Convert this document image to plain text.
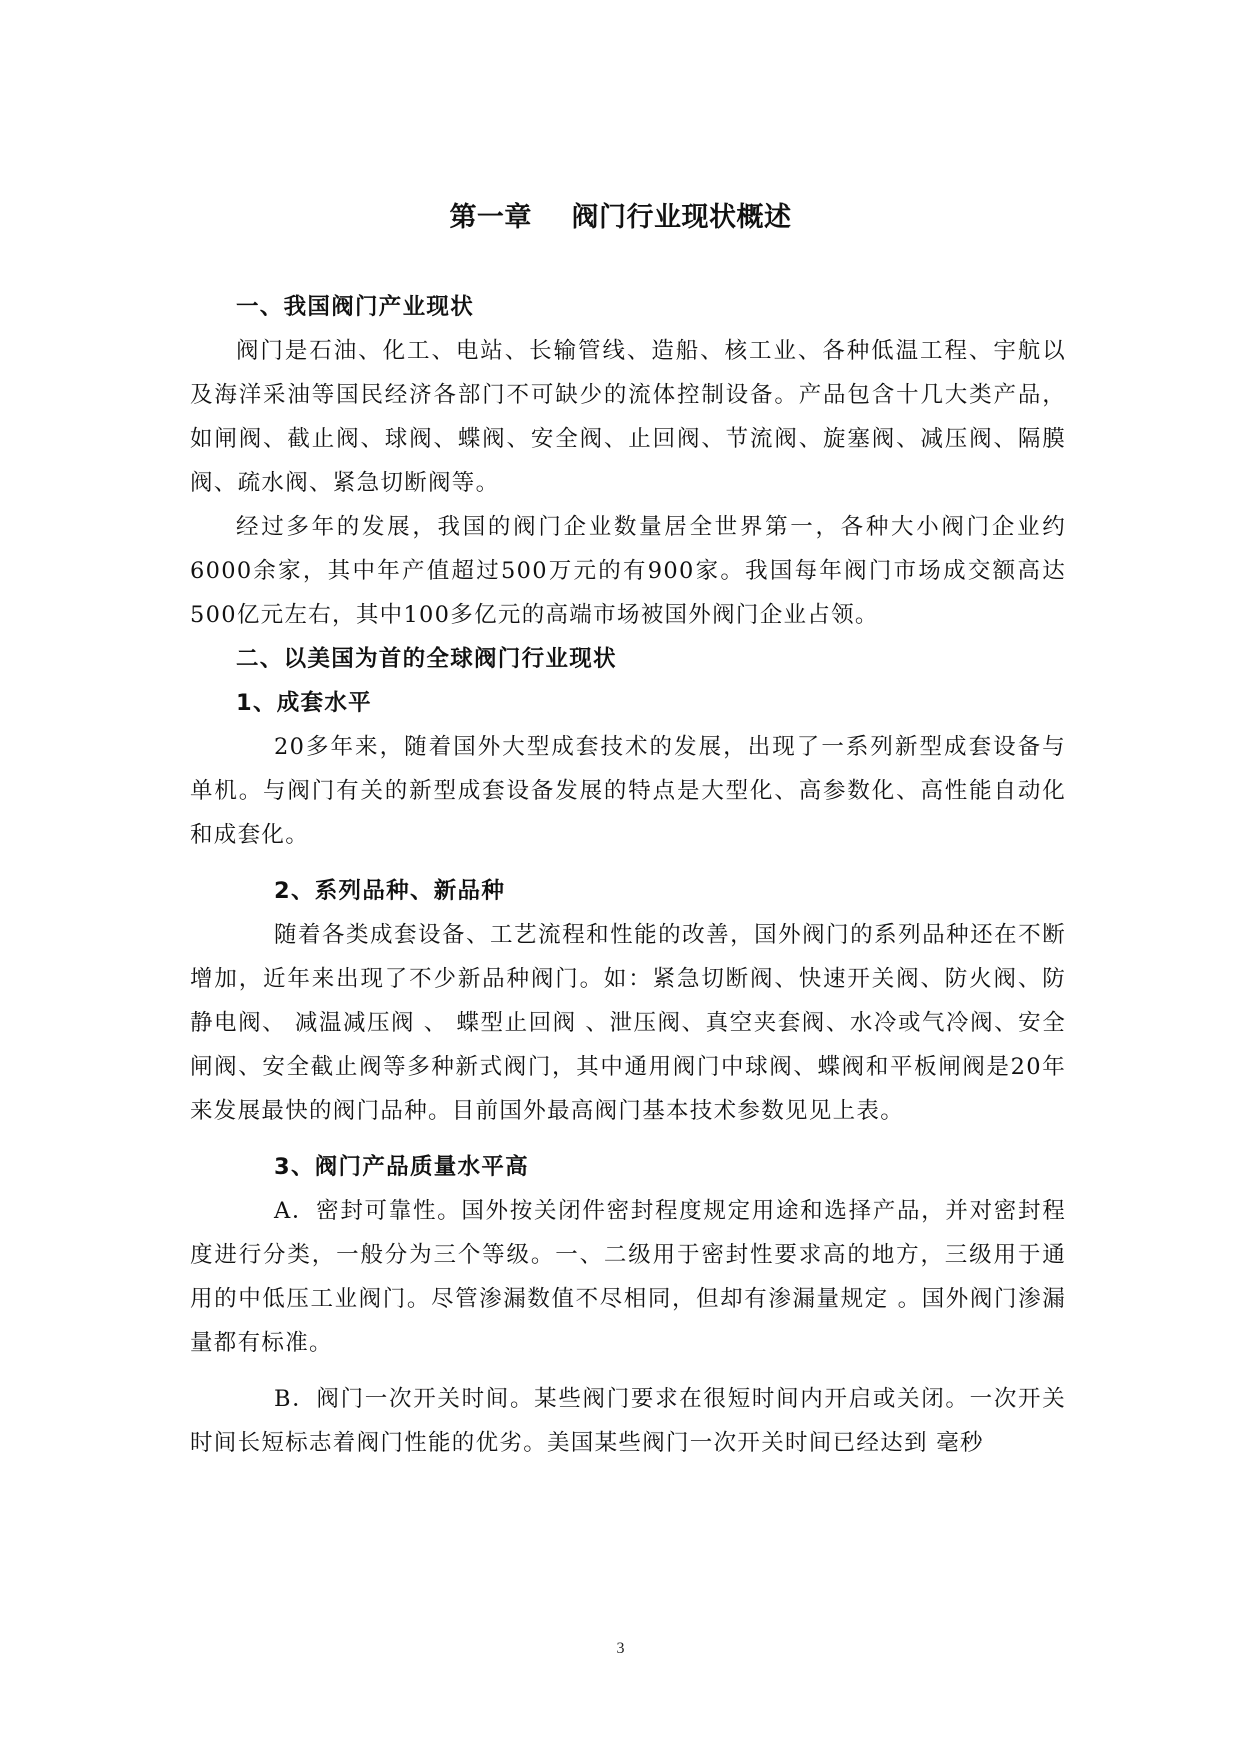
第一章    阀门行业现状概述

一、我国阀门产业现状

阀门是石油、化工、电站、长输管线、造船、核工业、各种低温工程、宇航以及海洋采油等国民经济各部门不可缺少的流体控制设备。产品包含十几大类产品，如闸阀、截止阀、球阀、蝶阀、安全阀、止回阀、节流阀、旋塞阀、减压阀、隔膜阀、疏水阀、紧急切断阀等。

经过多年的发展，我国的阀门企业数量居全世界第一，各种大小阀门企业约6000余家，其中年产值超过500万元的有900家。我国每年阀门市场成交额高达500亿元左右，其中100多亿元的高端市场被国外阀门企业占领。

二、以美国为首的全球阀门行业现状

1、成套水平

20多年来，随着国外大型成套技术的发展，出现了一系列新型成套设备与单机。与阀门有关的新型成套设备发展的特点是大型化、高参数化、高性能自动化和成套化。

2、系列品种、新品种

随着各类成套设备、工艺流程和性能的改善，国外阀门的系列品种还在不断增加，近年来出现了不少新品种阀门。如：紧急切断阀、快速开关阀、防火阀、防静电阀、 减温减压阀 、 蝶型止回阀 、泄压阀、真空夹套阀、水冷或气冷阀、安全闸阀、安全截止阀等多种新式阀门，其中通用阀门中球阀、蝶阀和平板闸阀是20年来发展最快的阀门品种。目前国外最高阀门基本技术参数见见上表。

3、阀门产品质量水平高

A．密封可靠性。国外按关闭件密封程度规定用途和选择产品，并对密封程度进行分类，一般分为三个等级。一、二级用于密封性要求高的地方，三级用于通用的中低压工业阀门。尽管渗漏数值不尽相同，但却有渗漏量规定 。国外阀门渗漏量都有标准。

B．阀门一次开关时间。某些阀门要求在很短时间内开启或关闭。一次开关时间长短标志着阀门性能的优劣。美国某些阀门一次开关时间已经达到 毫秒

3
